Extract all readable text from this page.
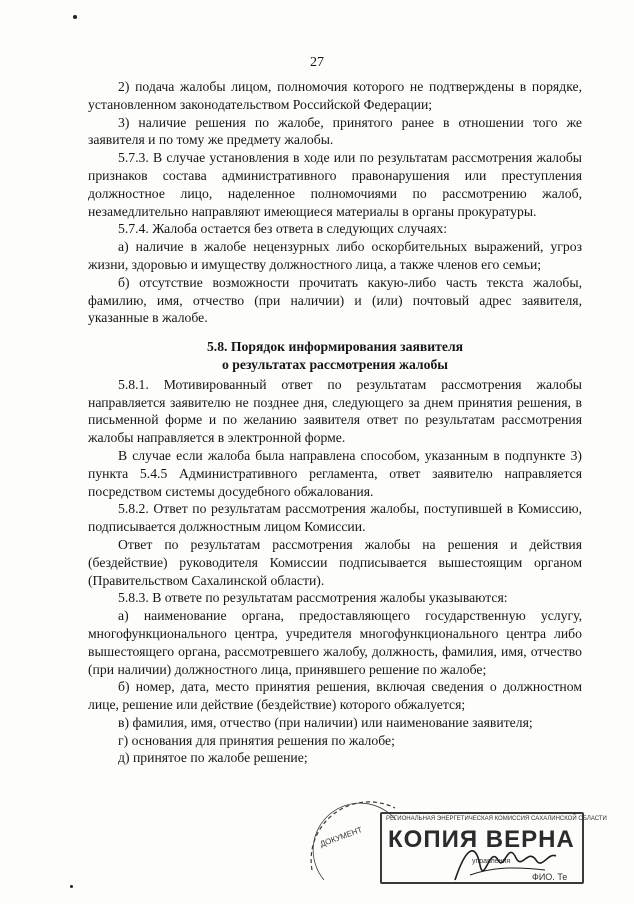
27

2) подача жалобы лицом, полномочия которого не подтверждены в порядке, установленном законодательством Российской Федерации;

3) наличие решения по жалобе, принятого ранее в отношении того же заявителя и по тому же предмету жалобы.

5.7.3. В случае установления в ходе или по результатам рассмотрения жалобы признаков состава административного правонарушения или преступления должностное лицо, наделенное полномочиями по рассмотрению жалоб, незамедлительно направляют имеющиеся материалы в органы прокуратуры.

5.7.4. Жалоба остается без ответа в следующих случаях:

а) наличие в жалобе нецензурных либо оскорбительных выражений, угроз жизни, здоровью и имуществу должностного лица, а также членов его семьи;

б) отсутствие возможности прочитать какую-либо часть текста жалобы, фамилию, имя, отчество (при наличии) и (или) почтовый адрес заявителя, указанные в жалобе.

5.8. Порядок информирования заявителя
о результатах рассмотрения жалобы

5.8.1. Мотивированный ответ по результатам рассмотрения жалобы направляется заявителю не позднее дня, следующего за днем принятия решения, в письменной форме и по желанию заявителя ответ по результатам рассмотрения жалобы направляется в электронной форме.

В случае если жалоба была направлена способом, указанным в подпункте 3) пункта 5.4.5 Административного регламента, ответ заявителю направляется посредством системы досудебного обжалования.

5.8.2. Ответ по результатам рассмотрения жалобы, поступившей в Комиссию, подписывается должностным лицом Комиссии.

Ответ по результатам рассмотрения жалобы на решения и действия (бездействие) руководителя Комиссии подписывается вышестоящим органом (Правительством Сахалинской области).

5.8.3. В ответе по результатам рассмотрения жалобы указываются:

а) наименование органа, предоставляющего государственную услугу, многофункционального центра, учредителя многофункционального центра либо вышестоящего органа, рассмотревшего жалобу, должность, фамилия, имя, отчество (при наличии) должностного лица, принявшего решение по жалобе;

б) номер, дата, место принятия решения, включая сведения о должностном лице, решение или действие (бездействие) которого обжалуется;

в) фамилия, имя, отчество (при наличии) или наименование заявителя;

г) основания для принятия решения по жалобе;

д) принятое по жалобе решение;

ДОКУМЕНТ
РЕГИОНАЛЬНАЯ ЭНЕРГЕТИЧЕСКАЯ КОМИССИЯ САХАЛИНСКОЙ ОБЛАСТИ
КОПИЯ ВЕРНА
управления
ФИО. Те
